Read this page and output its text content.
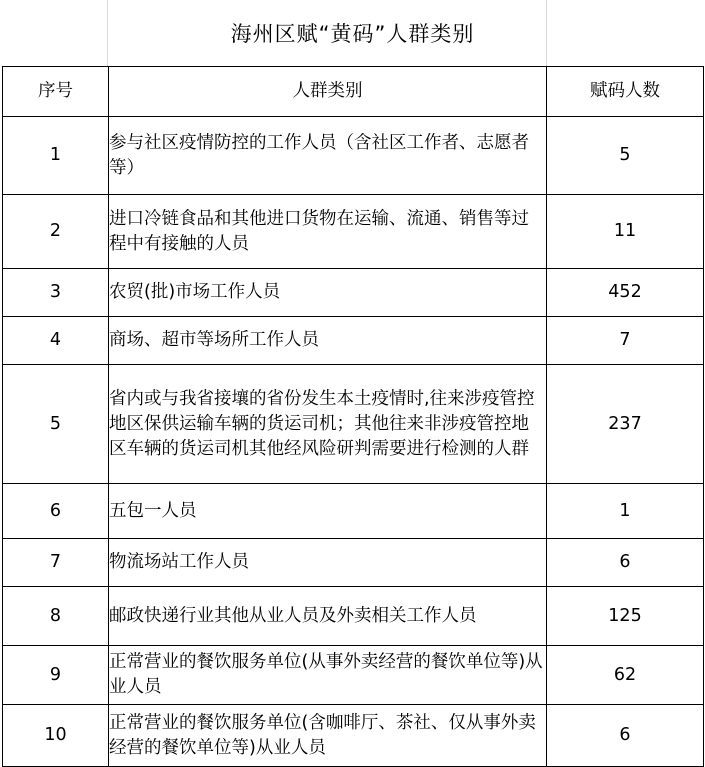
海州区赋“黄码”人群类别
序号	人群类别	赋码人数
1	参与社区疫情防控的工作人员（含社区工作者、志愿者等）	5
2	进口冷链食品和其他进口货物在运输、流通、销售等过程中有接触的人员	11
3	农贸(批)市场工作人员	452
4	商场、超市等场所工作人员	7
5	省内或与我省接壤的省份发生本土疫情时,往来涉疫管控地区保供运输车辆的货运司机；其他往来非涉疫管控地区车辆的货运司机其他经风险研判需要进行检测的人群	237
6	五包一人员	1
7	物流场站工作人员	6
8	邮政快递行业其他从业人员及外卖相关工作人员	125
9	正常营业的餐饮服务单位(从事外卖经营的餐饮单位等)从业人员	62
10	正常营业的餐饮服务单位(含咖啡厅、茶社、仅从事外卖经营的餐饮单位等)从业人员	6
